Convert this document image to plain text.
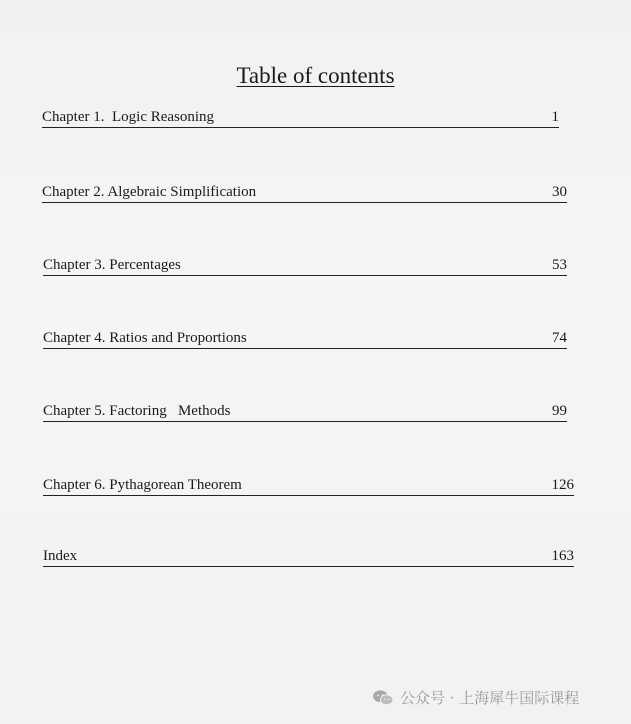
Table of contents
Chapter 1.  Logic Reasoning	1
Chapter 2. Algebraic Simplification	30
Chapter 3. Percentages	53
Chapter 4. Ratios and Proportions	74
Chapter 5. Factoring   Methods	99
Chapter 6. Pythagorean Theorem	126
Index	163
公众号 · 上海犀牛国际课程
